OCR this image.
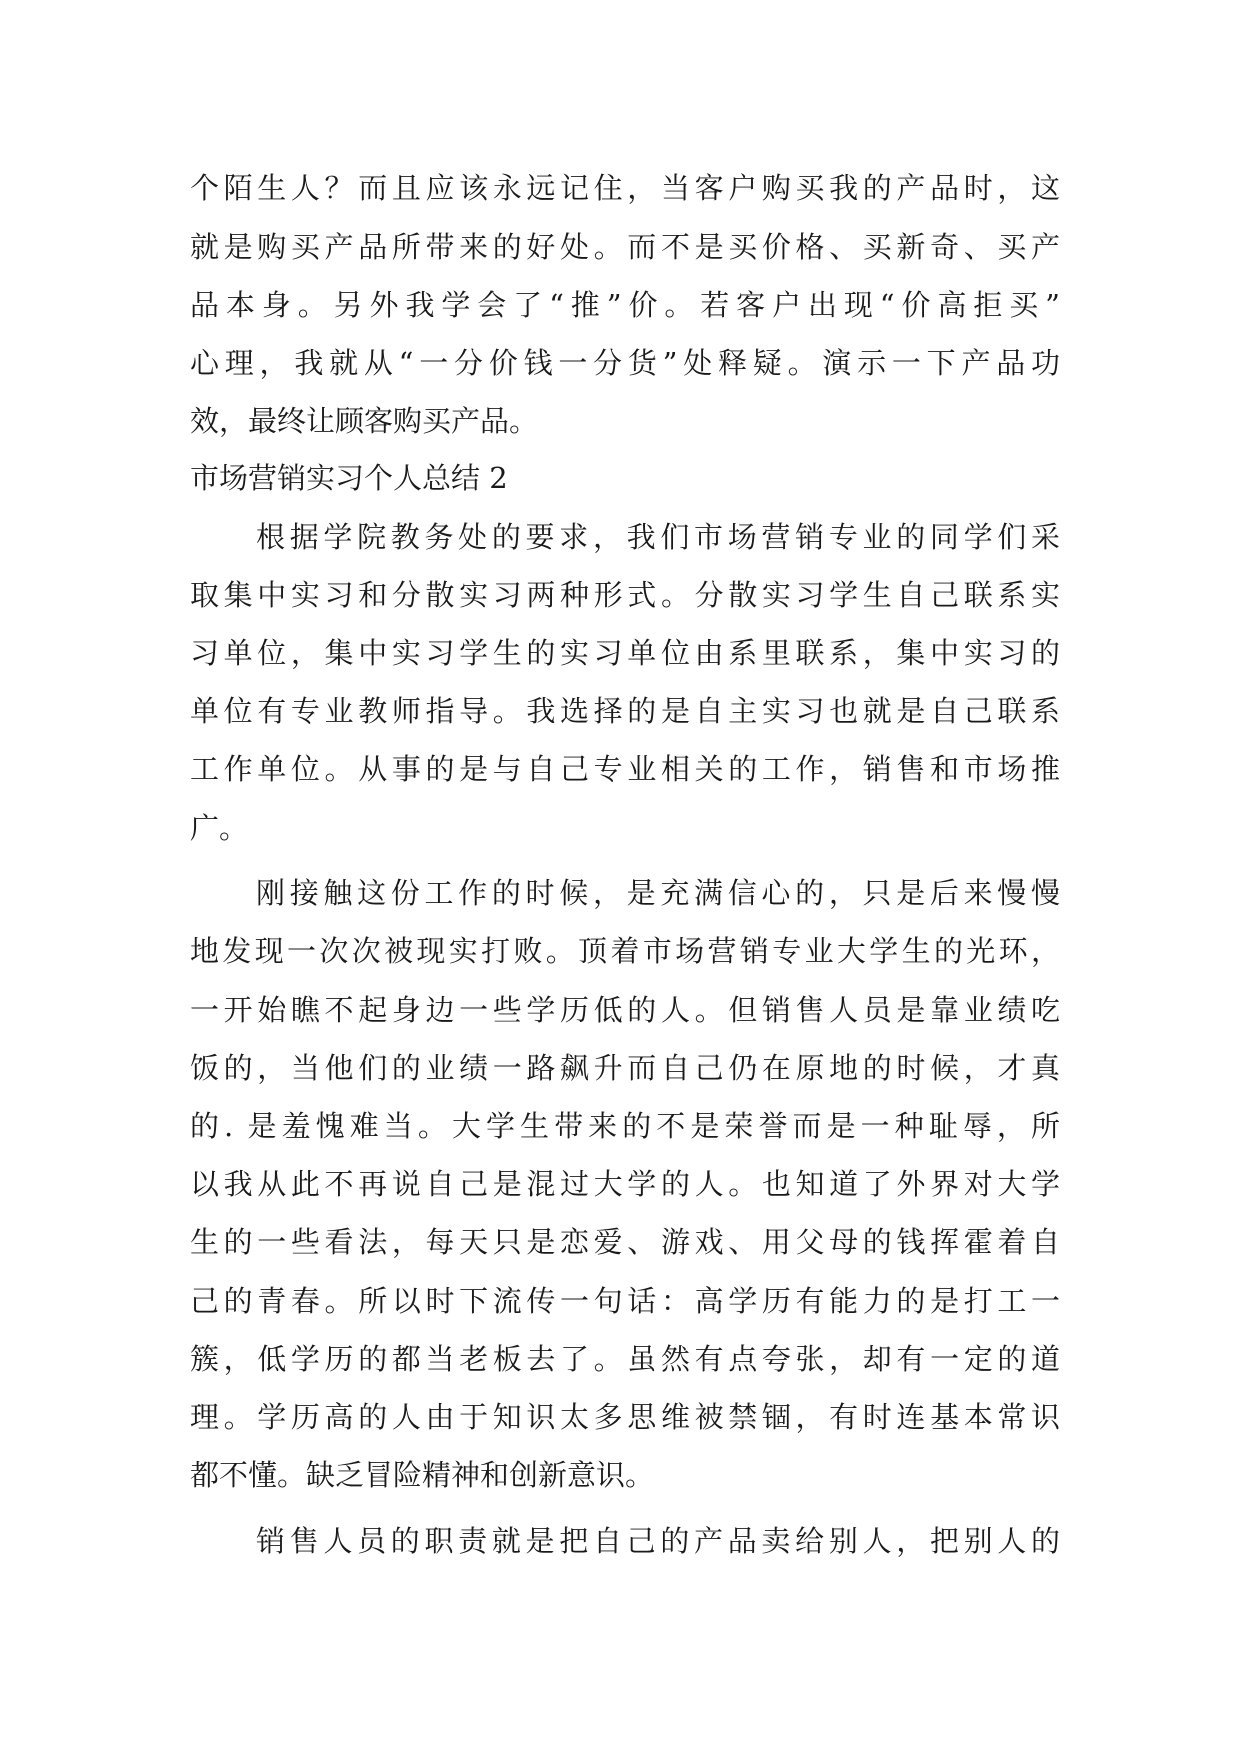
个陌生人？而且应该永远记住，当客户购买我的产品时，这
就是购买产品所带来的好处。而不是买价格、买新奇、买产
品本身。另外我学会了“推”价。若客户出现“价高拒买”
心理，我就从“一分价钱一分货”处释疑。演示一下产品功
效，最终让顾客购买产品。
市场营销实习个人总结 2
根据学院教务处的要求，我们市场营销专业的同学们采
取集中实习和分散实习两种形式。分散实习学生自己联系实
习单位，集中实习学生的实习单位由系里联系，集中实习的
单位有专业教师指导。我选择的是自主实习也就是自己联系
工作单位。从事的是与自己专业相关的工作，销售和市场推
广。
刚接触这份工作的时候，是充满信心的，只是后来慢慢
地发现一次次被现实打败。顶着市场营销专业大学生的光环，
一开始瞧不起身边一些学历低的人。但销售人员是靠业绩吃
饭的，当他们的业绩一路飙升而自己仍在原地的时候，才真
的. 是羞愧难当。大学生带来的不是荣誉而是一种耻辱，所
以我从此不再说自己是混过大学的人。也知道了外界对大学
生的一些看法，每天只是恋爱、游戏、用父母的钱挥霍着自
己的青春。所以时下流传一句话：高学历有能力的是打工一
簇，低学历的都当老板去了。虽然有点夸张，却有一定的道
理。学历高的人由于知识太多思维被禁锢，有时连基本常识
都不懂。缺乏冒险精神和创新意识。
销售人员的职责就是把自己的产品卖给别人，把别人的
